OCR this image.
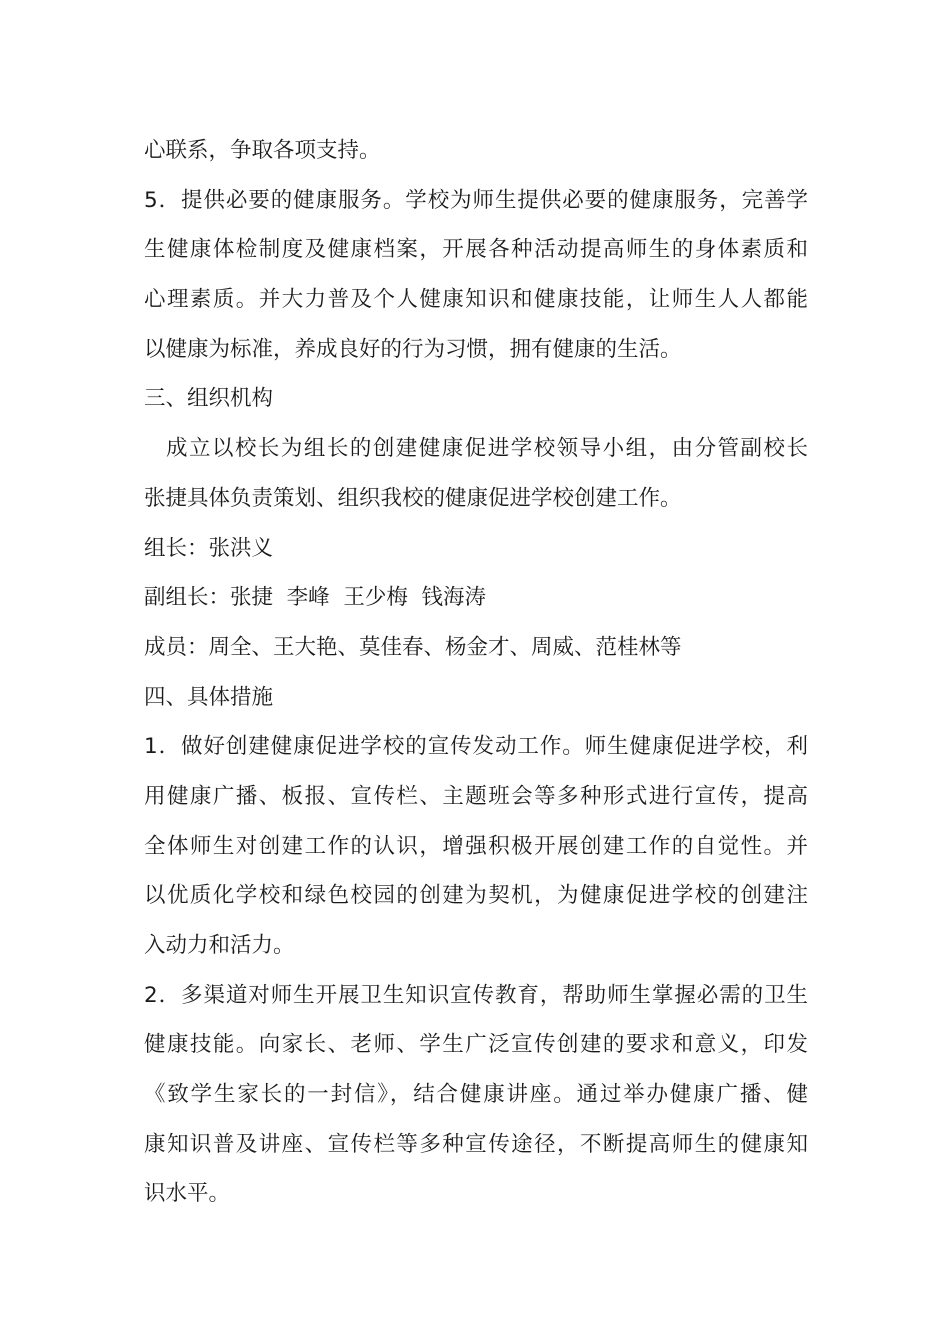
心联系，争取各项支持。
5．提供必要的健康服务。学校为师生提供必要的健康服务，完善学
生健康体检制度及健康档案，开展各种活动提高师生的身体素质和
心理素质。并大力普及个人健康知识和健康技能，让师生人人都能
以健康为标准，养成良好的行为习惯，拥有健康的生活。
三、组织机构
成立以校长为组长的创建健康促进学校领导小组，由分管副校长
张捷具体负责策划、组织我校的健康促进学校创建工作。
组长：张洪义
副组长：张捷  李峰  王少梅  钱海涛
成员：周全、王大艳、莫佳春、杨金才、周威、范桂林等
四、具体措施
1．做好创建健康促进学校的宣传发动工作。师生健康促进学校，利
用健康广播、板报、宣传栏、主题班会等多种形式进行宣传，提高
全体师生对创建工作的认识，增强积极开展创建工作的自觉性。并
以优质化学校和绿色校园的创建为契机，为健康促进学校的创建注
入动力和活力。
2．多渠道对师生开展卫生知识宣传教育，帮助师生掌握必需的卫生
健康技能。向家长、老师、学生广泛宣传创建的要求和意义，印发
《致学生家长的一封信》，结合健康讲座。通过举办健康广播、健
康知识普及讲座、宣传栏等多种宣传途径，不断提高师生的健康知
识水平。
